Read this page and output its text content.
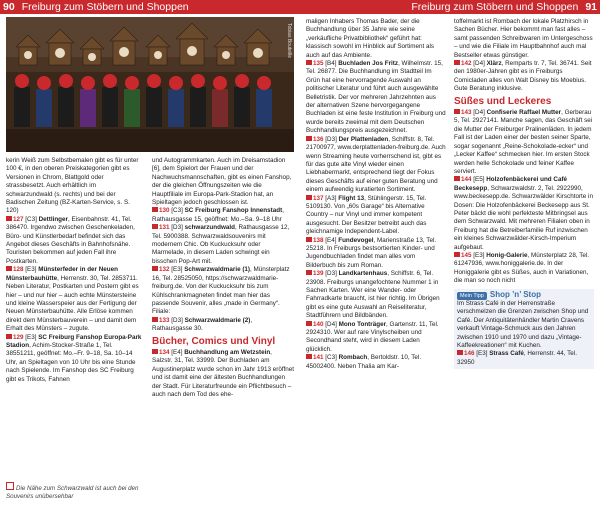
90 Freiburg zum Stöbern und Shoppen
Tobias Bouteille

kerin Weiß zum Selbstbemalen gibt es für unter 100 €, in den oberen Preiskategorien gibt es Versionen in Chrom, Blattgold oder strassbesetzt. Auch erhältlich im schwarzundwald (s. rechts) und bei der Badischen Zeitung (BZ-Karten-Service, s. S. 120)

127 [C3] Dettlinger, Eisenbahnstr. 41, Tel. 386470. Irgendwo zwischen Geschenkeladen, Büro- und Künstlerbedarf befindet sich das Angebot dieses Geschäfts in Bahnhofsnähe. Touristen bekommen auf jeden Fall ihre Postkarten.

128 [E3] Münsterfeder in der Neuen Münsterbauhütte, Herrenstr. 30, Tel. 2853711. Neben Literatur, Postkarten und Postern gibt es hier – und nur hier – auch echte Münstersteine und kleine Wasserspeier aus der Fertigung der Neuen Münsterbauhütte. Alle Erlöse kommen direkt dem Münsterbauverein – und damit dem Erhalt des Münsters – zugute.

129 [E3] SC Freiburg Fanshop Europa-Park Stadion, Achim-Stocker-Straße 1, Tel. 38551211, geöffnet: Mo.–Fr. 9–18, Sa. 10–14 Uhr, an Spieltagen von 10 Uhr bis eine Stunde nach Spielende. Im Fanshop des SC Freiburg gibt es Trikots, Fahnen

und Autogrammkarten. Auch im Dreisamstadion [6], dem Spielort der Frauen und der Nachwuchsmannschaften, gibt es einen Fanshop, der die gleichen Öffnungszeiten wie die Hauptfiliale im Europa-Park-Stadion hat, an Spieltagen jedoch geschlossen ist.

130 [C3] SC Freiburg Fanshop Innenstadt, Rathausgasse 15, geöffnet: Mo.–Sa. 9–18 Uhr

131 [D3] schwarzundwald, Rathausgasse 12, Tel. 5900388. Schwarzwaldsouvenirs mit modernem Chic. Ob Kuckucksuhr oder Marmelade, in diesem Laden schwingt ein bisschen Pop-Art mit.

132 [E3] Schwarzwaldmarie (1), Münsterplatz 16, Tel. 28525050, https://schwarzwaldmarie-freiburg.de. Von der Kuckucksuhr bis zum Kühlschrankmagneten findet man hier das passende Souvenir, alles „made in Germany“. Filiale:

133 [D3] Schwarzwaldmarie (2), Rathausgasse 30.

Bücher, Comics und Vinyl

134 [E4] Buchhandlung am Wetzstein, Salzstr. 31, Tel. 33999. Der Buchladen am Augustinerplatz wurde schon im Jahr 1913 eröffnet und ist damit eine der ältesten Buchhandlungen der Stadt. Für Literaturfreunde ein Pflichtbesuch – auch nach dem Tod des ehe-

Die Nähe zum Schwarzwald ist auch bei den Souvenirs unübersehbar
Freiburg zum Stöbern und Shoppen 91

maligen Inhabers Thomas Bader, der die Buchhandlung über 35 Jahre wie seine „verkäufliche Privatbibliothek“ geführt hat: klassisch sowohl im Hinblick auf Sortiment als auch auf das Ambiente.

135 [B4] Buchladen Jos Fritz, Wilhelmstr. 15, Tel. 26877. Die Buchhandlung im Stadtteil Im Grün hat eine hervorragende Auswahl an politischer Literatur und führt auch ausgewählte Belletristik. Der vor mehreren Jahrzehnten aus der alternativen Szene hervorgegangene Buchladen ist eine feste Institution in Freiburg und wurde bereits zweimal mit dem Deutschen Buchhandlungspreis ausgezeichnet.

136 [D3] Der Plattenladen, Schiffstr. 8, Tel. 21700977, www.derplattenladen-freiburg.de. Auch wenn Streaming heute vorherrschend ist, gibt es für das gute alte Vinyl wieder einen Liebhabermarkt, entsprechend liegt der Fokus dieses Geschäfts auf einer guten Beratung und einem aufwendig kuratierten Sortiment.

137 [A3] Flight 13, Stühlingerstr. 15, Tel. 5109130. Von „60s Garage“ bis Alternative Country – nur Vinyl und immer kompetent ausgesucht. Der Besitzer betreibt auch das gleichnamige Independent-Label.

138 [E4] Fundevogel, Marienstraße 13, Tel. 25218. In Freiburgs bestsortierten Kinder- und Jugendbuchladen findet man alles vom Bilderbuch bis zum Roman.

139 [D3] Landkartenhaus, Schiffstr. 6, Tel. 23908. Freiburgs unangefochtene Nummer 1 in Sachen Karten. Wer eine Wander- oder Fahrradkarte braucht, ist hier richtig. Im Übrigen gibt es eine gute Auswahl an Reiseliteratur, Stadtführern und Bildbänden.

140 [D4] Mono Tonträger, Gartenstr. 11, Tel. 2924310. Wer auf rare Vinylscheiben und Secondhand steht, wird in diesem Laden glücklich.

141 [C3] Rombach, Bertoldstr. 10, Tel. 45002400. Neben Thalia am Kar-

toffelmarkt ist Rombach der lokale Platzhirsch in Sachen Bücher. Hier bekommt man fast alles – samt passenden Schreibwaren im Untergeschoss – und wie die Filiale im Hauptbahnhof auch mal Bestseller etwas günstiger.

142 [D4] Xlärz, Remparts tr. 7, Tel. 36741. Seit den 1980er-Jahren gibt es in Freiburgs Comicladen alles von Walt Disney bis Moebius. Gute Beratung inklusive.

Süßes und Leckeres

143 [D4] Confiserie Raffael Mutter, Gerberau 5, Tel. 2927141. Manche sagen, das Geschäft sei die Mutter der Freiburger Pralinenläden. In jedem Fall ist der Laden einer der besten seiner Sparte, sogar sogenannt „Reine-Schokolade-ecker“ und „Lecker Kaffee“ schmecken hier. Im ersten Stock werden helle Schokolade und feiner Kaffee serviert.

144 [E5] Holzofenbäckerei und Café Beckesepp, Schwarzwaldstr. 2, Tel. 2922990, www.beckesepp.de. Schwarzwälder Kirschtorte in Dosen: Die Holzofenbäckerei Beckesepp aus St. Peter bäckt die wohl perfekteste Mitbringsel aus dem Schwarzwald. Mit mehreren Filialen oben in Freiburg hat die Betreiberfamilie Ruf inzwischen ein kleines Schwarzwälder-Kirsch-Imperium aufgebaut.

145 [E3] Honig-Galerie, Münsterplatz 28, Tel. 61247936, www.honiggalerie.de. In der Honiggalerie gibt es Süßes, auch in Variationen, die man so noch nicht

Mein Tipp Shop ’n’ Stop

Im Strass Café in der Herrenstraße verschmelzen die Grenzen zwischen Shop und Café. Der Antiquitätenhändler Martin Cravens verkauft Vintage-Schmuck aus den Jahren zwischen 1910 und 1970 und dazu „Vintage-Kaffeekreationen“ mit Kuchen.

146 [E3] Strass Café, Herrenstr. 44, Tel. 32950
